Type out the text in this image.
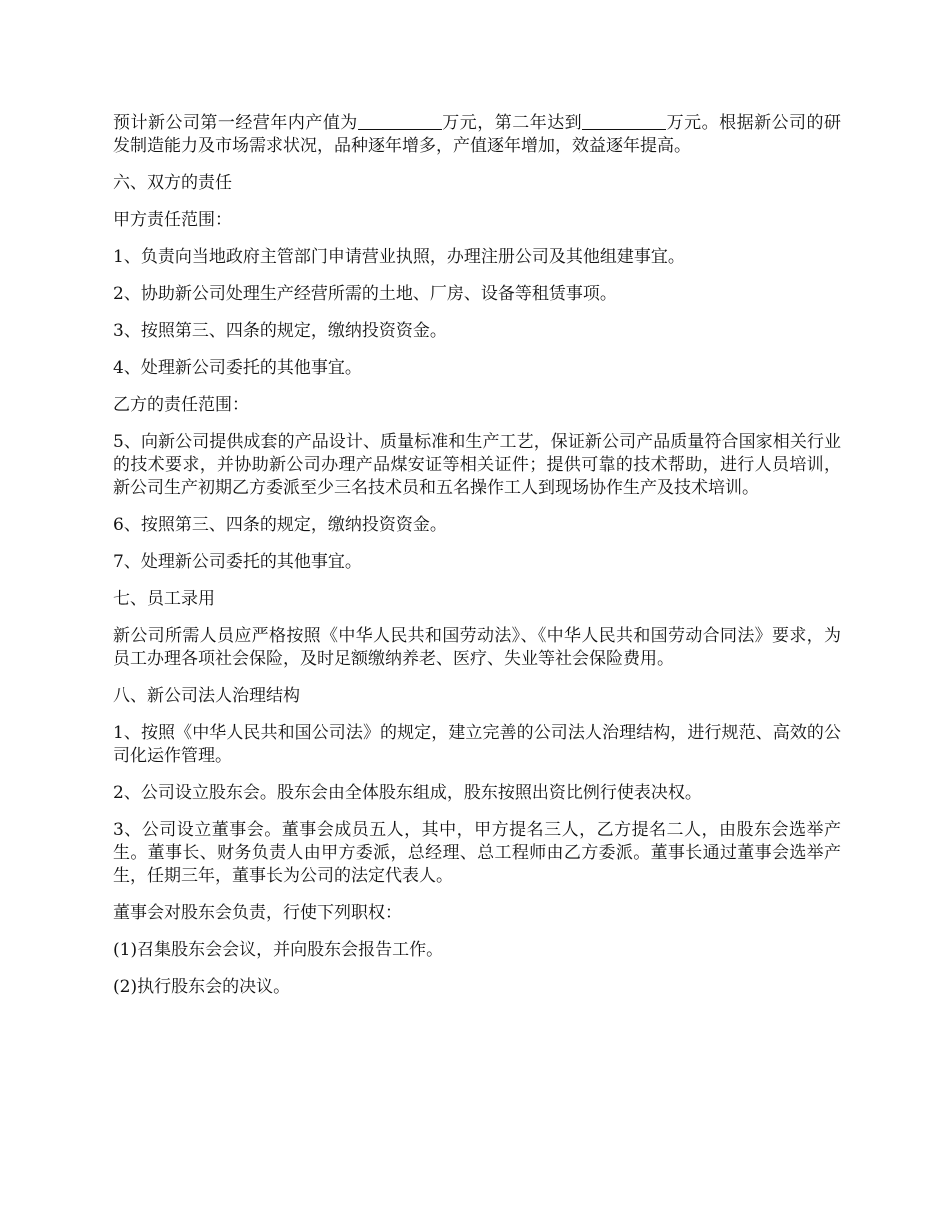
预计新公司第一经营年内产值为	万元，第二年达到	万元。根据新公司的研发制造能力及市场需求状况，品种逐年增多，产值逐年增加，效益逐年提高。

六、双方的责任

甲方责任范围：

1、负责向当地政府主管部门申请营业执照，办理注册公司及其他组建事宜。

2、协助新公司处理生产经营所需的土地、厂房、设备等租赁事项。

3、按照第三、四条的规定，缴纳投资资金。

4、处理新公司委托的其他事宜。

乙方的责任范围：

5、向新公司提供成套的产品设计、质量标准和生产工艺，保证新公司产品质量符合国家相关行业的技术要求，并协助新公司办理产品煤安证等相关证件；提供可靠的技术帮助，进行人员培训，新公司生产初期乙方委派至少三名技术员和五名操作工人到现场协作生产及技术培训。

6、按照第三、四条的规定，缴纳投资资金。

7、处理新公司委托的其他事宜。

七、员工录用

新公司所需人员应严格按照《中华人民共和国劳动法》、《中华人民共和国劳动合同法》要求，为员工办理各项社会保险，及时足额缴纳养老、医疗、失业等社会保险费用。

八、新公司法人治理结构

1、按照《中华人民共和国公司法》的规定，建立完善的公司法人治理结构，进行规范、高效的公司化运作管理。

2、公司设立股东会。股东会由全体股东组成，股东按照出资比例行使表决权。

3、公司设立董事会。董事会成员五人，其中，甲方提名三人，乙方提名二人，由股东会选举产生。董事长、财务负责人由甲方委派，总经理、总工程师由乙方委派。董事长通过董事会选举产生，任期三年，董事长为公司的法定代表人。

董事会对股东会负责，行使下列职权：

(1)召集股东会会议，并向股东会报告工作。

(2)执行股东会的决议。
